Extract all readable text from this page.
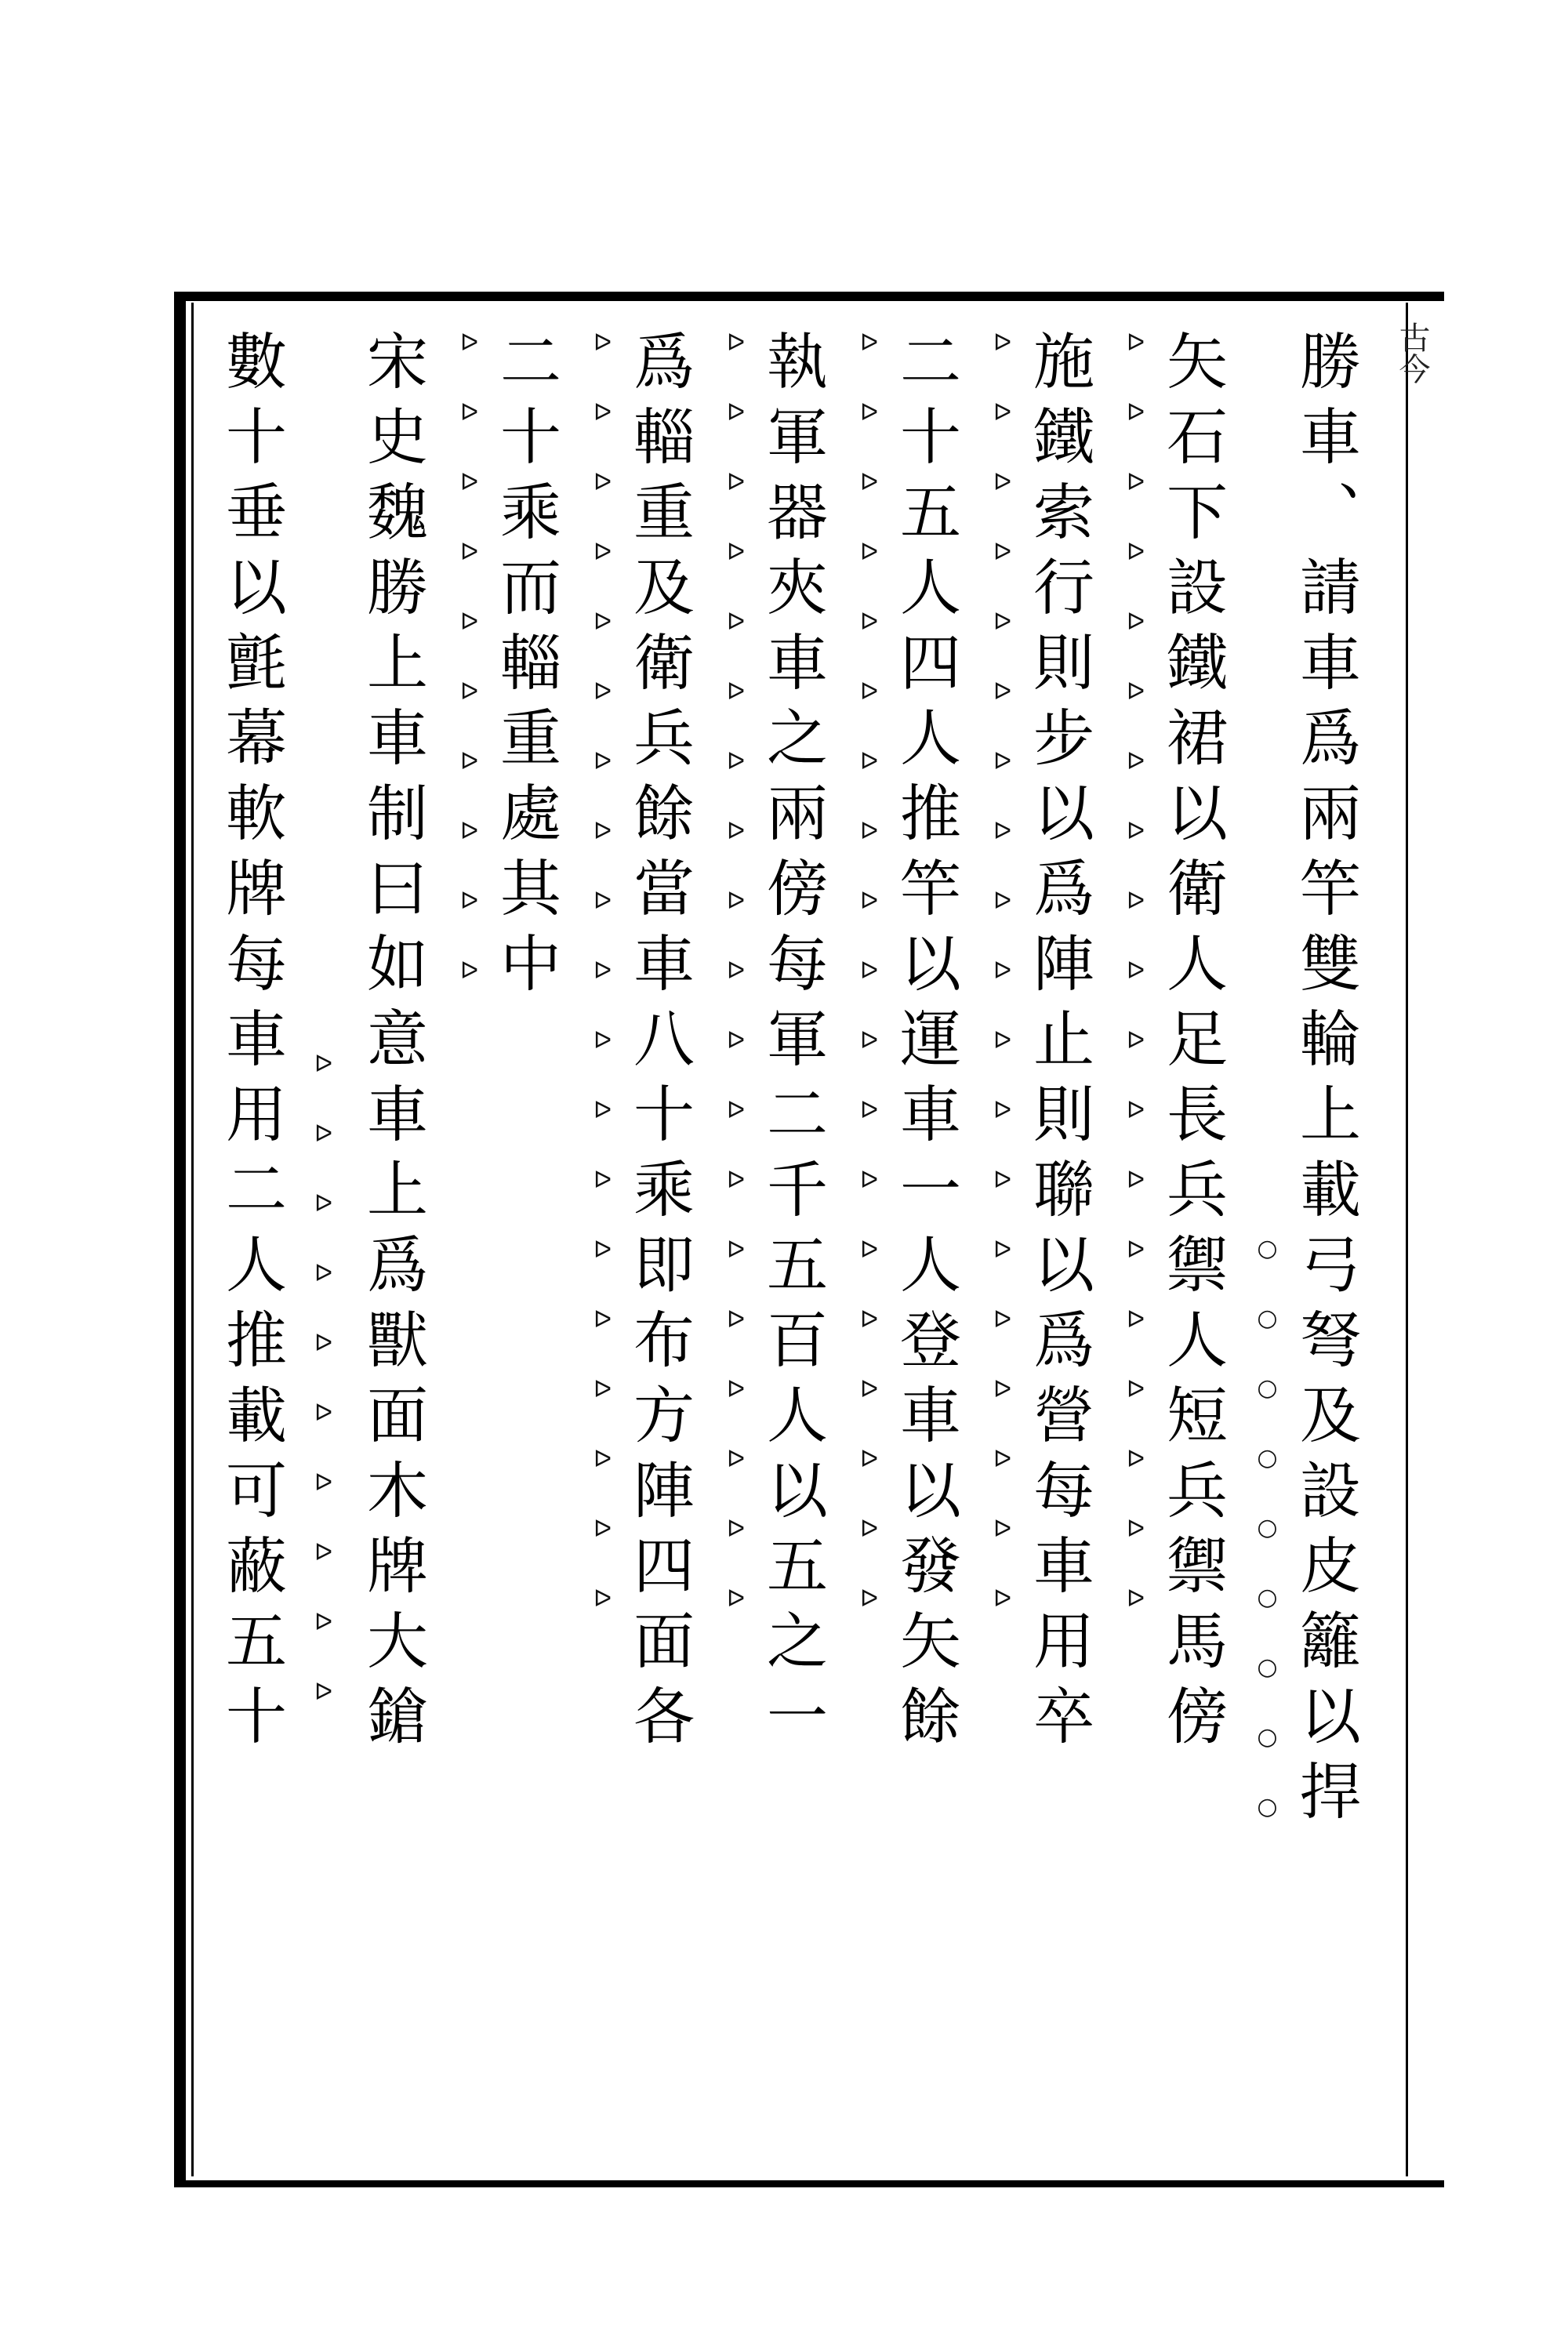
古今
勝車、請車爲兩竿雙輪上載弓弩及設皮籬以捍
矢石下設鐵裙以衛人足長兵禦人短兵禦馬傍
施鐵索行則步以爲陣止則聯以爲營每車用卒
二十五人四人推竿以運車一人登車以發矢餘
執軍器夾車之兩傍每軍二千五百人以五之一
爲輜重及衛兵餘當車八十乘即布方陣四面各
二十乘而輜重處其中
宋史魏勝上車制曰如意車上爲獸面木牌大鎗
數十垂以氈幕軟牌每車用二人推載可蔽五十	○○○○○○○○○
ᐅᐅᐅᐅᐅᐅᐅᐅᐅᐅᐅᐅᐅᐅᐅᐅᐅᐅᐅ
ᐅᐅᐅᐅᐅᐅᐅᐅᐅᐅᐅᐅᐅᐅᐅᐅᐅᐅᐅ
ᐅᐅᐅᐅᐅᐅᐅᐅᐅᐅᐅᐅᐅᐅᐅᐅᐅᐅᐅ
ᐅᐅᐅᐅᐅᐅᐅᐅᐅᐅᐅᐅᐅᐅᐅᐅᐅᐅᐅ
ᐅᐅᐅᐅᐅᐅᐅᐅᐅᐅᐅᐅᐅᐅᐅᐅᐅᐅᐅ
ᐅᐅᐅᐅᐅᐅᐅᐅᐅᐅ
ᐅᐅᐅᐅᐅᐅᐅᐅᐅᐅ
